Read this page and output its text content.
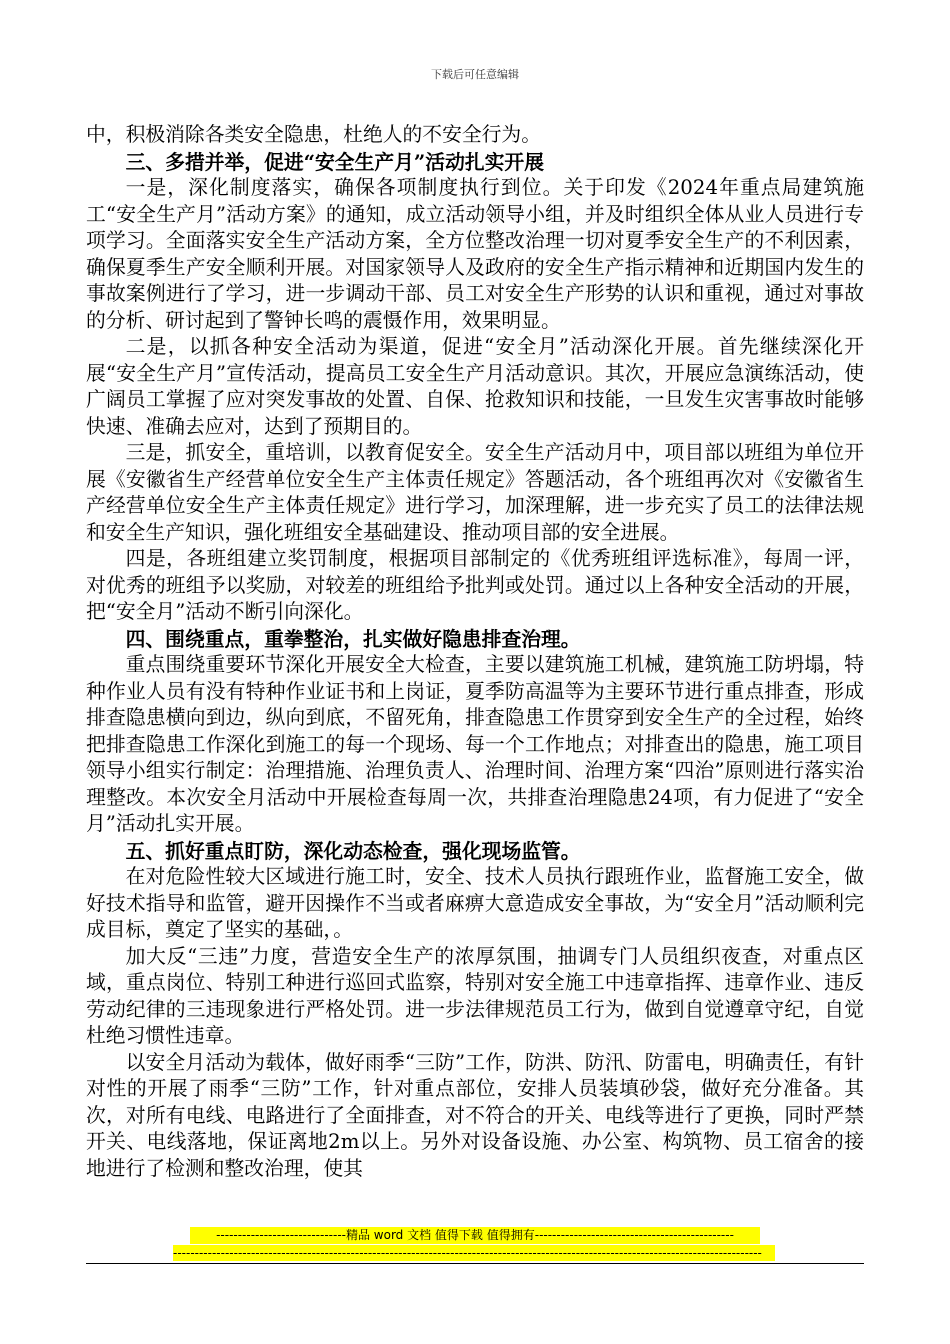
下载后可任意编辑

中，积极消除各类安全隐患，杜绝人的不安全行为。

三、多措并举，促进“安全生产月”活动扎实开展

一是，深化制度落实，确保各项制度执行到位。关于印发《2024年重点局建筑施工“安全生产月”活动方案》的通知，成立活动领导小组，并及时组织全体从业人员进行专项学习。全面落实安全生产活动方案，全方位整改治理一切对夏季安全生产的不利因素，确保夏季生产安全顺利开展。对国家领导人及政府的安全生产指示精神和近期国内发生的事故案例进行了学习，进一步调动干部、员工对安全生产形势的认识和重视，通过对事故的分析、研讨起到了警钟长鸣的震慑作用，效果明显。

二是，以抓各种安全活动为渠道，促进“安全月”活动深化开展。首先继续深化开展“安全生产月”宣传活动，提高员工安全生产月活动意识。其次，开展应急演练活动，使广阔员工掌握了应对突发事故的处置、自保、抢救知识和技能，一旦发生灾害事故时能够快速、准确去应对，达到了预期目的。

三是，抓安全，重培训，以教育促安全。安全生产活动月中，项目部以班组为单位开展《安徽省生产经营单位安全生产主体责任规定》答题活动，各个班组再次对《安徽省生产经营单位安全生产主体责任规定》进行学习，加深理解，进一步充实了员工的法律法规和安全生产知识，强化班组安全基础建设、推动项目部的安全进展。

四是，各班组建立奖罚制度，根据项目部制定的《优秀班组评选标准》，每周一评，对优秀的班组予以奖励，对较差的班组给予批判或处罚。通过以上各种安全活动的开展，把“安全月”活动不断引向深化。

四、围绕重点，重拳整治，扎实做好隐患排查治理。

重点围绕重要环节深化开展安全大检查，主要以建筑施工机械，建筑施工防坍塌，特种作业人员有没有特种作业证书和上岗证，夏季防高温等为主要环节进行重点排查，形成排查隐患横向到边，纵向到底，不留死角，排查隐患工作贯穿到安全生产的全过程，始终把排查隐患工作深化到施工的每一个现场、每一个工作地点；对排查出的隐患，施工项目领导小组实行制定：治理措施、治理负责人、治理时间、治理方案“四治”原则进行落实治理整改。本次安全月活动中开展检查每周一次，共排查治理隐患24项，有力促进了“安全月”活动扎实开展。

五、抓好重点盯防，深化动态检查，强化现场监管。

在对危险性较大区域进行施工时，安全、技术人员执行跟班作业，监督施工安全，做好技术指导和监管，避开因操作不当或者麻痹大意造成安全事故，为“安全月”活动顺利完成目标，奠定了坚实的基础，。

加大反“三违”力度，营造安全生产的浓厚氛围，抽调专门人员组织夜查，对重点区域，重点岗位、特别工种进行巡回式监察，特别对安全施工中违章指挥、违章作业、违反劳动纪律的三违现象进行严格处罚。进一步法律规范员工行为，做到自觉遵章守纪，自觉杜绝习惯性违章。

以安全月活动为载体，做好雨季“三防”工作，防洪、防汛、防雷电，明确责任，有针对性的开展了雨季“三防”工作，针对重点部位，安排人员装填砂袋，做好充分准备。其次，对所有电线、电路进行了全面排查，对不符合的开关、电线等进行了更换，同时严禁开关、电线落地，保证离地2m以上。另外对设备设施、办公室、构筑物、员工宿舍的接地进行了检测和整改治理，使其

------------------------------精品 word 文档 值得下载 值得拥有----------------------------------------------
----------------------------------------------------------------------------------------------------------------------------------------
